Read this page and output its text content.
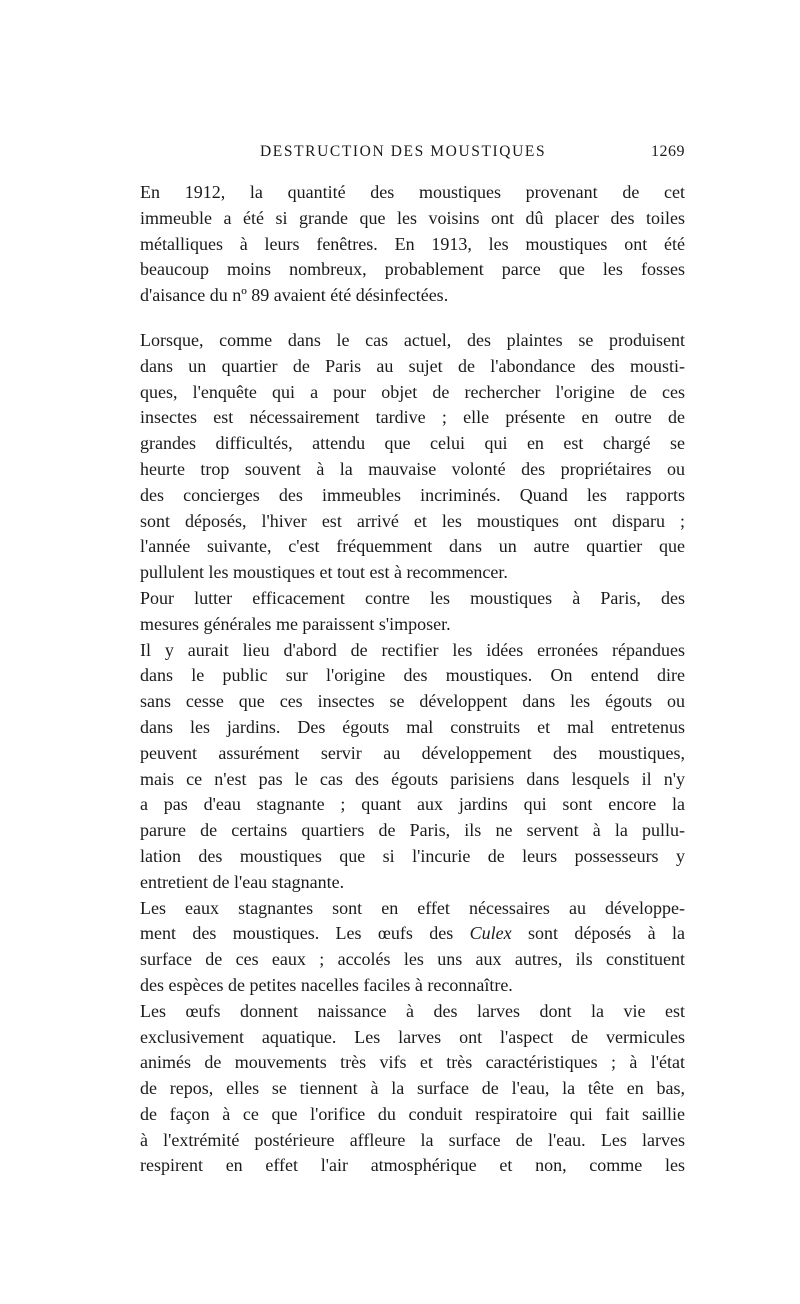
DESTRUCTION DES MOUSTIQUES	1269
En 1912, la quantité des moustiques provenant de cet
immeuble a été si grande que les voisins ont dû placer des toiles
métalliques à leurs fenêtres. En 1913, les moustiques ont été
beaucoup moins nombreux, probablement parce que les fosses
d'aisance du nº 89 avaient été désinfectées.
Lorsque, comme dans le cas actuel, des plaintes se produisent
dans un quartier de Paris au sujet de l'abondance des mousti-
ques, l'enquête qui a pour objet de rechercher l'origine de ces
insectes est nécessairement tardive ; elle présente en outre de
grandes difficultés, attendu que celui qui en est chargé se
heurte trop souvent à la mauvaise volonté des propriétaires ou
des concierges des immeubles incriminés. Quand les rapports
sont déposés, l'hiver est arrivé et les moustiques ont disparu ;
l'année suivante, c'est fréquemment dans un autre quartier que
pullulent les moustiques et tout est à recommencer.
Pour lutter efficacement contre les moustiques à Paris, des
mesures générales me paraissent s'imposer.
Il y aurait lieu d'abord de rectifier les idées erronées répandues
dans le public sur l'origine des moustiques. On entend dire
sans cesse que ces insectes se développent dans les égouts ou
dans les jardins. Des égouts mal construits et mal entretenus
peuvent assurément servir au développement des moustiques,
mais ce n'est pas le cas des égouts parisiens dans lesquels il n'y
a pas d'eau stagnante ; quant aux jardins qui sont encore la
parure de certains quartiers de Paris, ils ne servent à la pullu-
lation des moustiques que si l'incurie de leurs possesseurs y
entretient de l'eau stagnante.
Les eaux stagnantes sont en effet nécessaires au développe-
ment des moustiques. Les œufs des Culex sont déposés à la
surface de ces eaux ; accolés les uns aux autres, ils constituent
des espèces de petites nacelles faciles à reconnaître.
Les œufs donnent naissance à des larves dont la vie est
exclusivement aquatique. Les larves ont l'aspect de vermicules
animés de mouvements très vifs et très caractéristiques ; à l'état
de repos, elles se tiennent à la surface de l'eau, la tête en bas,
de façon à ce que l'orifice du conduit respiratoire qui fait saillie
à l'extrémité postérieure affleure la surface de l'eau. Les larves
respirent en effet l'air atmosphérique et non, comme les
